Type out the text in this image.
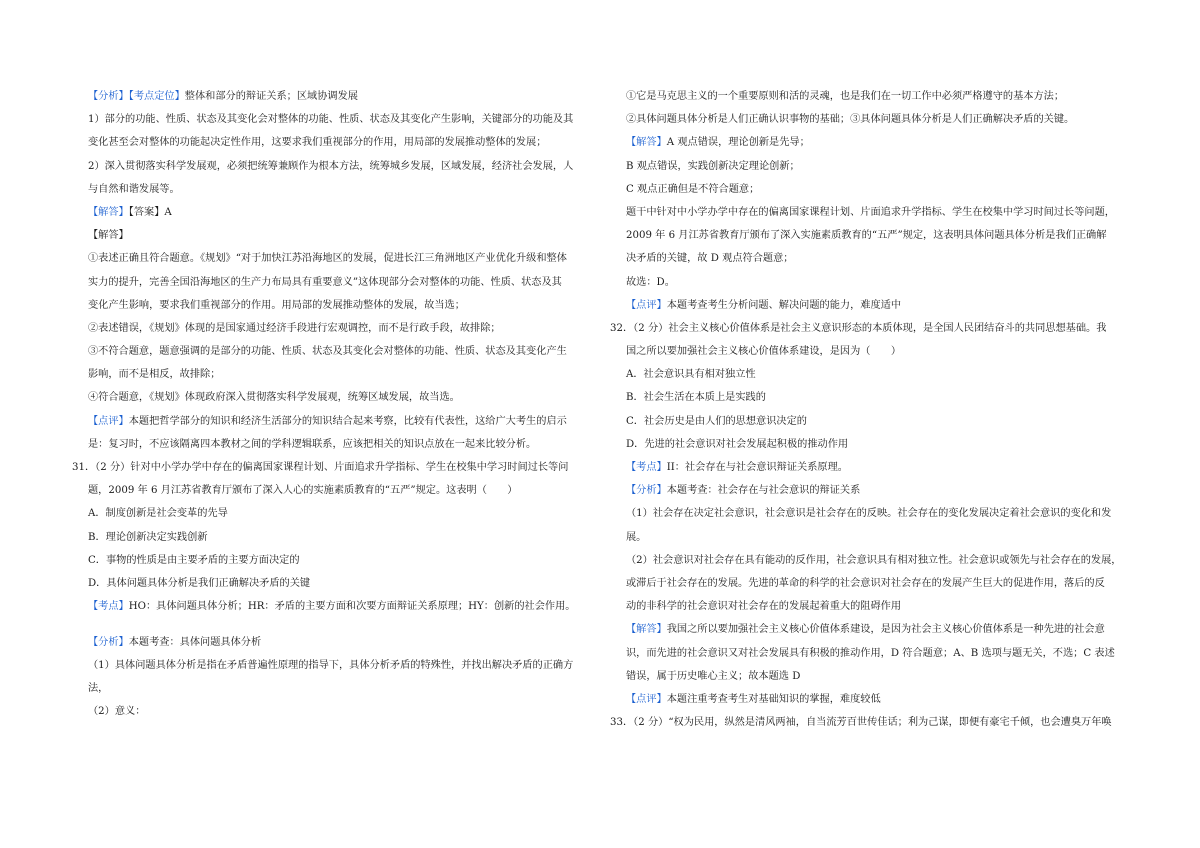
【分析】【考点定位】整体和部分的辩证关系；区域协调发展
1）部分的功能、性质、状态及其变化会对整体的功能、性质、状态及其变化产生影响，关键部分的功能及其
变化甚至会对整体的功能起决定性作用，这要求我们重视部分的作用，用局部的发展推动整体的发展；
2）深入贯彻落实科学发展观，必须把统筹兼顾作为根本方法，统筹城乡发展，区域发展，经济社会发展，人
与自然和谐发展等。
【解答】【答案】A
【解答】
①表述正确且符合题意。《规划》“对于加快江苏沿海地区的发展，促进长江三角洲地区产业优化升级和整体
实力的提升，完善全国沿海地区的生产力布局具有重要意义”这体现部分会对整体的功能、性质、状态及其
变化产生影响，要求我们重视部分的作用。用局部的发展推动整体的发展，故当选；
②表述错误，《规划》体现的是国家通过经济手段进行宏观调控，而不是行政手段，故排除；
③不符合题意，题意强调的是部分的功能、性质、状态及其变化会对整体的功能、性质、状态及其变化产生
影响，而不是相反，故排除；
④符合题意，《规划》体现政府深入贯彻落实科学发展观，统筹区域发展，故当选。
【点评】本题把哲学部分的知识和经济生活部分的知识结合起来考察，比较有代表性，这给广大考生的启示
是：复习时，不应该隔离四本教材之间的学科逻辑联系，应该把相关的知识点放在一起来比较分析。
31．（2 分）针对中小学办学中存在的偏离国家课程计划、片面追求升学指标、学生在校集中学习时间过长等问
题，2009 年 6 月江苏省教育厅颁布了深入人心的实施素质教育的“五严”规定。这表明（　　）
A．制度创新是社会变革的先导
B．理论创新决定实践创新
C．事物的性质是由主要矛盾的主要方面决定的
D．具体问题具体分析是我们正确解决矛盾的关键
【考点】HO：具体问题具体分析；HR：矛盾的主要方面和次要方面辩证关系原理；HY：创新的社会作用。
【分析】本题考查：具体问题具体分析
（1）具体问题具体分析是指在矛盾普遍性原理的指导下，具体分析矛盾的特殊性，并找出解决矛盾的正确方
法，
（2）意义：
①它是马克思主义的一个重要原则和活的灵魂，也是我们在一切工作中必须严格遵守的基本方法；
②具体问题具体分析是人们正确认识事物的基础；③具体问题具体分析是人们正确解决矛盾的关键。
【解答】A 观点错误，理论创新是先导；
B 观点错误，实践创新决定理论创新；
C 观点正确但是不符合题意；
题干中针对中小学办学中存在的偏离国家课程计划、片面追求升学指标、学生在校集中学习时间过长等问题，
2009 年 6 月江苏省教育厅颁布了深入实施素质教育的“五严”规定，这表明具体问题具体分析是我们正确解
决矛盾的关键，故 D 观点符合题意；
故选：D。
【点评】本题考查考生分析问题、解决问题的能力，难度适中
32．（2 分）社会主义核心价值体系是社会主义意识形态的本质体现，是全国人民团结奋斗的共同思想基础。我
国之所以要加强社会主义核心价值体系建设，是因为（　　）
A．社会意识具有相对独立性
B．社会生活在本质上是实践的
C．社会历史是由人们的思想意识决定的
D．先进的社会意识对社会发展起积极的推动作用
【考点】II：社会存在与社会意识辩证关系原理。
【分析】本题考查：社会存在与社会意识的辩证关系
（1）社会存在决定社会意识，社会意识是社会存在的反映。社会存在的变化发展决定着社会意识的变化和发
展。
（2）社会意识对社会存在具有能动的反作用，社会意识具有相对独立性。社会意识或领先与社会存在的发展，
或滞后于社会存在的发展。先进的革命的科学的社会意识对社会存在的发展产生巨大的促进作用，落后的反
动的非科学的社会意识对社会存在的发展起着重大的阻碍作用
【解答】我国之所以要加强社会主义核心价值体系建设，是因为社会主义核心价值体系是一种先进的社会意
识，而先进的社会意识又对社会发展具有积极的推动作用，D 符合题意；A、B 选项与题无关，不选；C 表述
错误，属于历史唯心主义；故本题选 D
【点评】本题注重考查考生对基础知识的掌握，难度较低
33．（2 分）“权为民用，纵然是清风两袖，自当流芳百世传佳话；利为己谋，即便有豪宅千倾，也会遭臭万年唤
